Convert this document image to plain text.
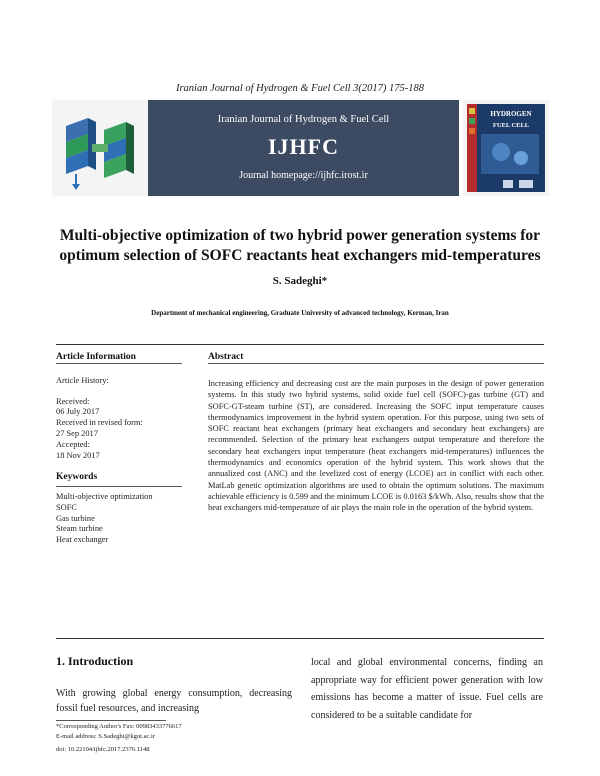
Iranian Journal of Hydrogen & Fuel Cell 3(2017) 175-188
Iranian Journal of Hydrogen & Fuel Cell
IJHFC
Journal homepage://ijhfc.irost.ir
HYDROGEN
FUEL CELL
Multi-objective optimization of two hybrid power generation systems for optimum selection of SOFC reactants heat exchangers mid-temperatures
S. Sadeghi*
Department of mechanical engineering, Graduate University of advanced technology, Kerman, Iran
Article Information	Abstract
Article History:
Received:
06 July 2017
Received in revised form:
27 Sep 2017
Accepted:
18 Nov 2017
Keywords
Multi-objective optimization
SOFC
Gas turbine
Steam turbine
Heat exchanger
Increasing efficiency and decreasing cost are the main purposes in the design of power generation systems. In this study two hybrid systems, solid oxide fuel cell (SOFC)-gas turbine (GT) and SOFC-GT-steam turbine (ST), are considered. Increasing the SOFC input temperature causes thermodynamics improvement in the hybrid system operation. For this purpose, using two sets of SOFC reactant heat exchangers (primary heat exchangers and secondary heat exchangers) are recommended. Selection of the primary heat exchangers output temperature and therefore the secondary heat exchangers input temperature (heat exchangers mid-temperatures) influences the thermodynamics and economics operation of the hybrid system. This work shows that the annualized cost (ANC) and the levelized cost of energy (LCOE) act in conflict with each other. MatLab genetic optimization algorithms are used to obtain the optimum solutions. The maximum achievable efficiency is 0.599 and the minimum LCOE is 0.0163 $/kWh. Also, results show that the heat exchangers mid-temperature of air plays the main role in the operation of the hybrid system.
1. Introduction
With growing global energy consumption, decreasing fossil fuel resources, and increasing
local and global environmental concerns, finding an appropriate way for efficient power generation with low emissions has become a matter of issue. Fuel cells are considered to be a suitable candidate for
*Corresponding Author's Fax: 00983433776617
E-mail address: S.Sadeghi@kgut.ac.ir
doi: 10.22104/ijhfc.2017.2376.1148
